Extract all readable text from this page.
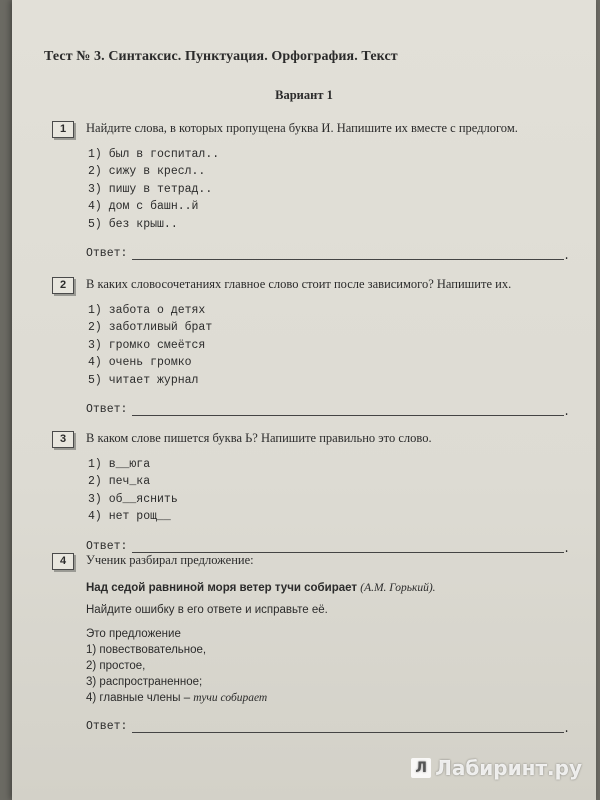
Тест № 3. Синтаксис. Пунктуация. Орфография. Текст
Вариант 1
1	Найдите слова, в которых пропущена буква И. Напишите их вместе с предлогом.
1) был в госпитал..
2) сижу в кресл..
3) пишу в тетрад..
4) дом с башн..й
5) без крыш..
Ответ:	.
2	В каких словосочетаниях главное слово стоит после зависимого? Напишите их.
1) забота о детях
2) заботливый брат
3) громко смеётся
4) очень громко
5) читает журнал
Ответ:	.
3	В каком слове пишется буква Ь? Напишите правильно это слово.
1) в__юга
2) печ_ка
3) об__яснить
4) нет рощ__
Ответ:	.
4	Ученик разбирал предложение:
Над седой равниной моря ветер тучи собирает (А.М. Горький).
Найдите ошибку в его ответе и исправьте её.
Это предложение
1) повествовательное,
2) простое,
3) распространенное;
4) главные члены – тучи собирает
Ответ:	.
Л Лабиринт.ру
